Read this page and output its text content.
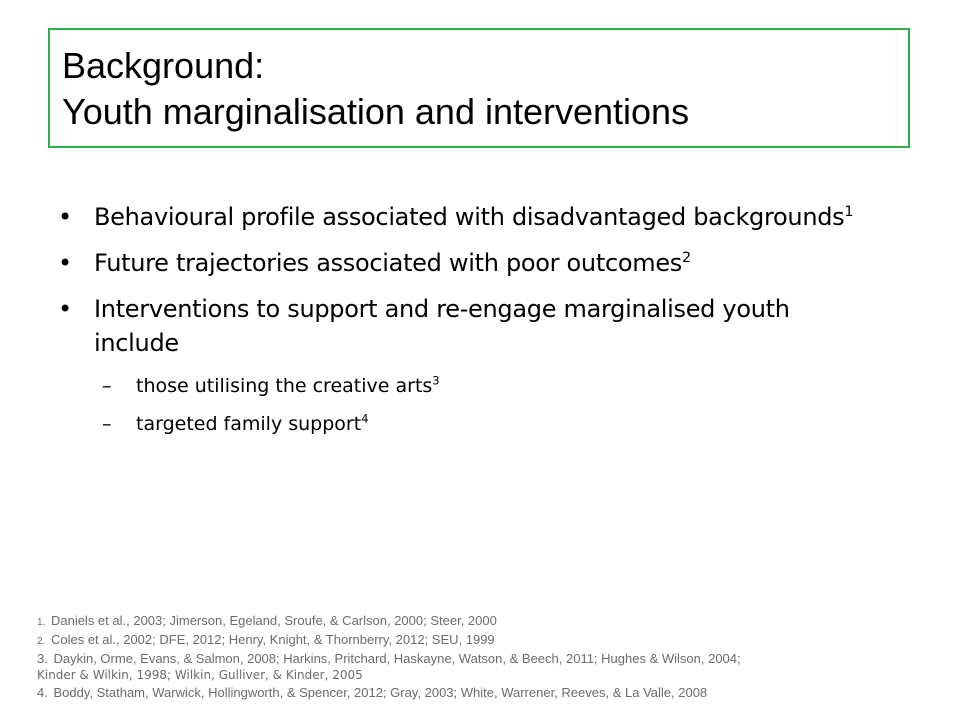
Background:
Youth marginalisation and interventions
• Behavioural profile associated with disadvantaged backgrounds$^1$
• Future trajectories associated with poor outcomes$^2$
• Interventions to support and re-engage marginalised youth include
– those utilising the creative arts$^3$
– targeted family support$^4$
1. Daniels et al., 2003; Jimerson, Egeland, Sroufe, & Carlson, 2000; Steer, 2000
2. Coles et al., 2002; DFE, 2012; Henry, Knight, & Thornberry, 2012; SEU, 1999
3. Daykin, Orme, Evans, & Salmon, 2008; Harkins, Pritchard, Haskayne, Watson, & Beech, 2011; Hughes & Wilson, 2004;
Kinder & Wilkin, 1998; Wilkin, Gulliver, & Kinder, 2005
4. Boddy, Statham, Warwick, Hollingworth, & Spencer, 2012; Gray, 2003; White, Warrener, Reeves, & La Valle, 2008
